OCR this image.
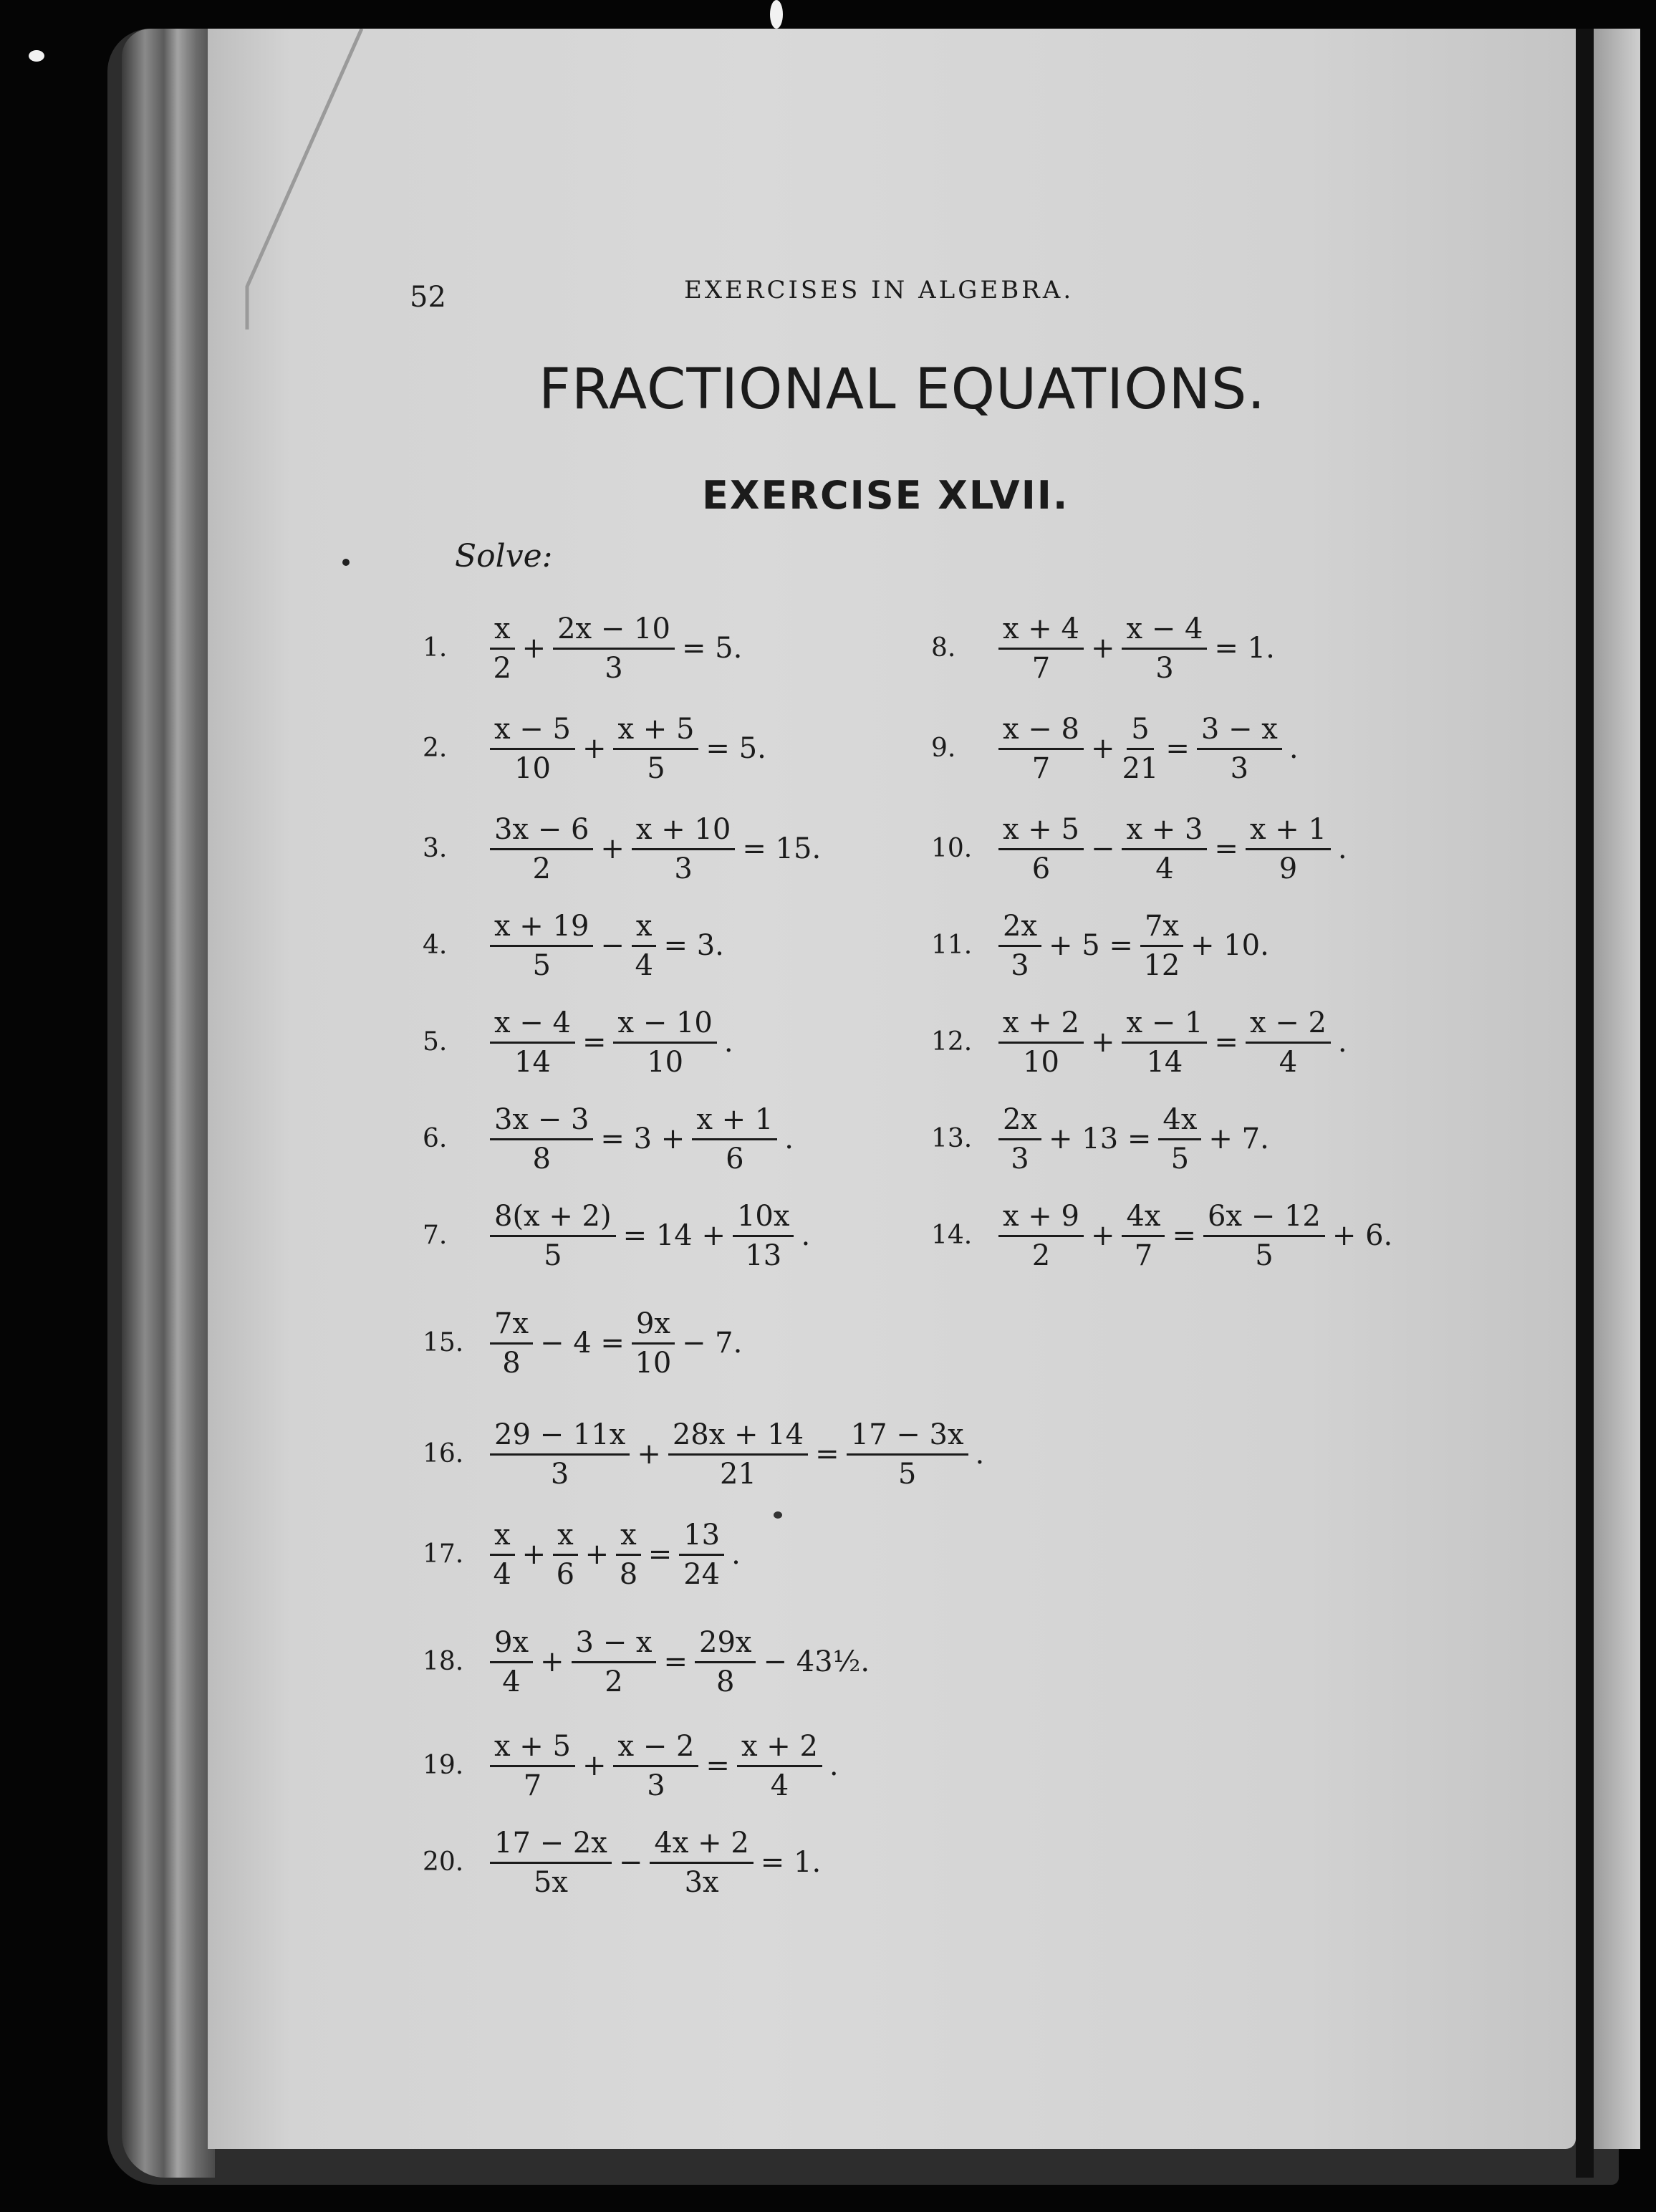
52	EXERCISES IN ALGEBRA.
FRACTIONAL EQUATIONS.
EXERCISE XLVII.
Solve:
1. $\frac{x}{2} + \frac{2x - 10}{3} = 5$.
2. $\frac{x - 5}{10} + \frac{x + 5}{5} = 5$.
3. $\frac{3x - 6}{2} + \frac{x + 10}{3} = 15$.
4. $\frac{x + 19}{5} - \frac{x}{4} = 3$.
5. $\frac{x - 4}{14} = \frac{x - 10}{10}$ .
6. $\frac{3x - 3}{8} = 3 + \frac{x + 1}{6}$ .
7. $\frac{8(x + 2)}{5} = 14 + \frac{10x}{13}$ .
8. $\frac{x + 4}{7} + \frac{x - 4}{3} = 1$.
9. $\frac{x - 8}{7} + \frac{5}{21} = \frac{3 - x}{3}$ .
10. $\frac{x + 5}{6} - \frac{x + 3}{4} = \frac{x + 1}{9}$ .
11. $\frac{2x}{3} + 5 = \frac{7x}{12} + 10$.
12. $\frac{x + 2}{10} + \frac{x - 1}{14} = \frac{x - 2}{4}$ .
13. $\frac{2x}{3} + 13 = \frac{4x}{5} + 7$.
14. $\frac{x + 9}{2} + \frac{4x}{7} = \frac{6x - 12}{5} + 6$.
15. $\frac{7x}{8} - 4 = \frac{9x}{10} - 7$.
16. $\frac{29 - 11x}{3} + \frac{28x + 14}{21} = \frac{17 - 3x}{5}$ .
17. $\frac{x}{4} + \frac{x}{6} + \frac{x}{8} = \frac{13}{24}$ .
18. $\frac{9x}{4} + \frac{3 - x}{2} = \frac{29x}{8}$ − 43½.
19. $\frac{x + 5}{7} + \frac{x - 2}{3} = \frac{x + 2}{4}$ .
20. $\frac{17 - 2x}{5x} - \frac{4x + 2}{3x} = 1$.
